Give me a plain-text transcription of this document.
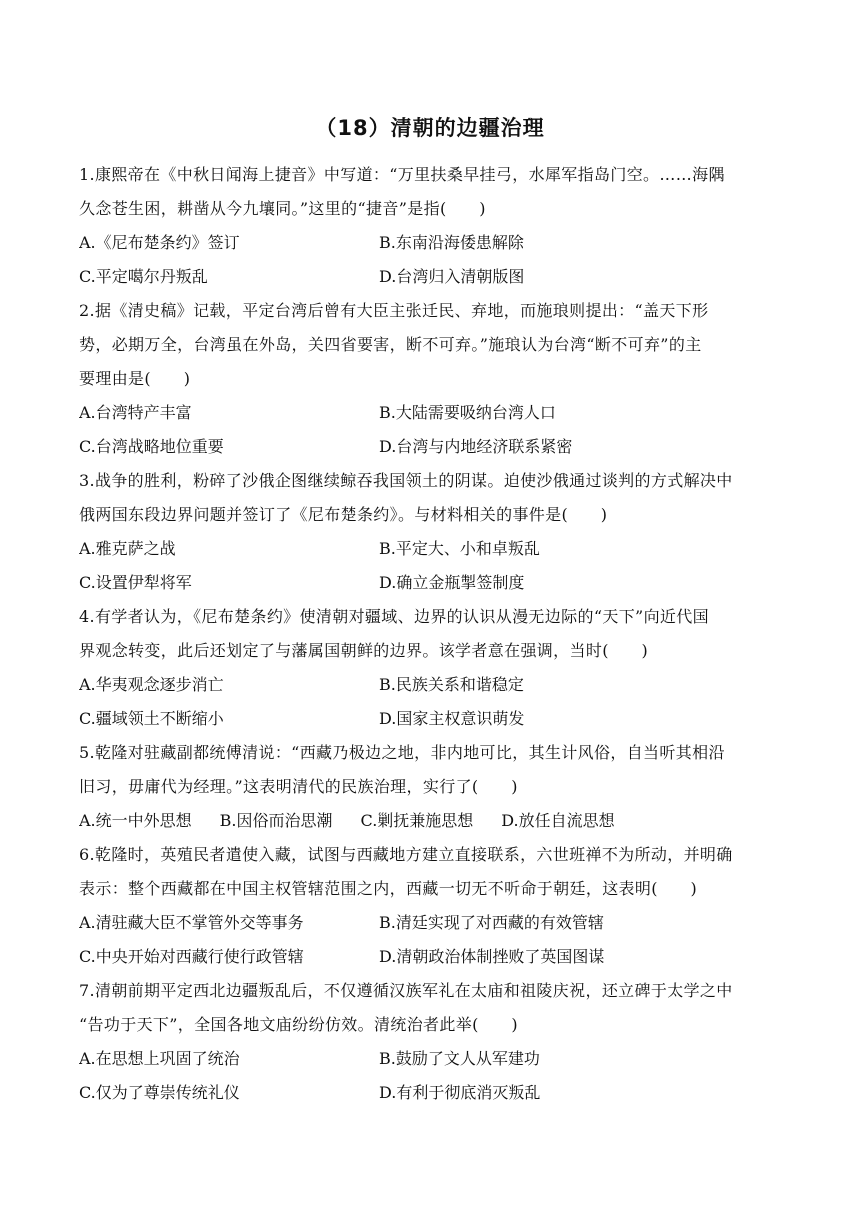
（18）清朝的边疆治理
1.康熙帝在《中秋日闻海上捷音》中写道：“万里扶桑早挂弓，水犀军指岛门空。……海隅
久念苍生困，耕凿从今九壤同。”这里的“捷音”是指(　　)
A.《尼布楚条约》签订	B.东南沿海倭患解除
C.平定噶尔丹叛乱	D.台湾归入清朝版图
2.据《清史稿》记载，平定台湾后曾有大臣主张迁民、弃地，而施琅则提出：“盖天下形
势，必期万全，台湾虽在外岛，关四省要害，断不可弃。”施琅认为台湾“断不可弃”的主
要理由是(　　)
A.台湾特产丰富	B.大陆需要吸纳台湾人口
C.台湾战略地位重要	D.台湾与内地经济联系紧密
3.战争的胜利，粉碎了沙俄企图继续鲸吞我国领土的阴谋。迫使沙俄通过谈判的方式解决中
俄两国东段边界问题并签订了《尼布楚条约》。与材料相关的事件是(　　)
A.雅克萨之战	B.平定大、小和卓叛乱
C.设置伊犁将军	D.确立金瓶掣签制度
4.有学者认为，《尼布楚条约》使清朝对疆域、边界的认识从漫无边际的“天下”向近代国
界观念转变，此后还划定了与藩属国朝鲜的边界。该学者意在强调，当时(　　)
A.华夷观念逐步消亡	B.民族关系和谐稳定
C.疆域领土不断缩小	D.国家主权意识萌发
5.乾隆对驻藏副都统傅清说：“西藏乃极边之地，非内地可比，其生计风俗，自当听其相沿
旧习，毋庸代为经理。”这表明清代的民族治理，实行了(　　)
A.统一中外思想 B.因俗而治思潮 C.剿抚兼施思想 D.放任自流思想
6.乾隆时，英殖民者遣使入藏，试图与西藏地方建立直接联系，六世班禅不为所动，并明确
表示：整个西藏都在中国主权管辖范围之内，西藏一切无不听命于朝廷，这表明(　　)
A.清驻藏大臣不掌管外交等事务	B.清廷实现了对西藏的有效管辖
C.中央开始对西藏行使行政管辖	D.清朝政治体制挫败了英国图谋
7.清朝前期平定西北边疆叛乱后，不仅遵循汉族军礼在太庙和祖陵庆祝，还立碑于太学之中
“告功于天下”，全国各地文庙纷纷仿效。清统治者此举(　　)
A.在思想上巩固了统治	B.鼓励了文人从军建功
C.仅为了尊崇传统礼仪	D.有利于彻底消灭叛乱
